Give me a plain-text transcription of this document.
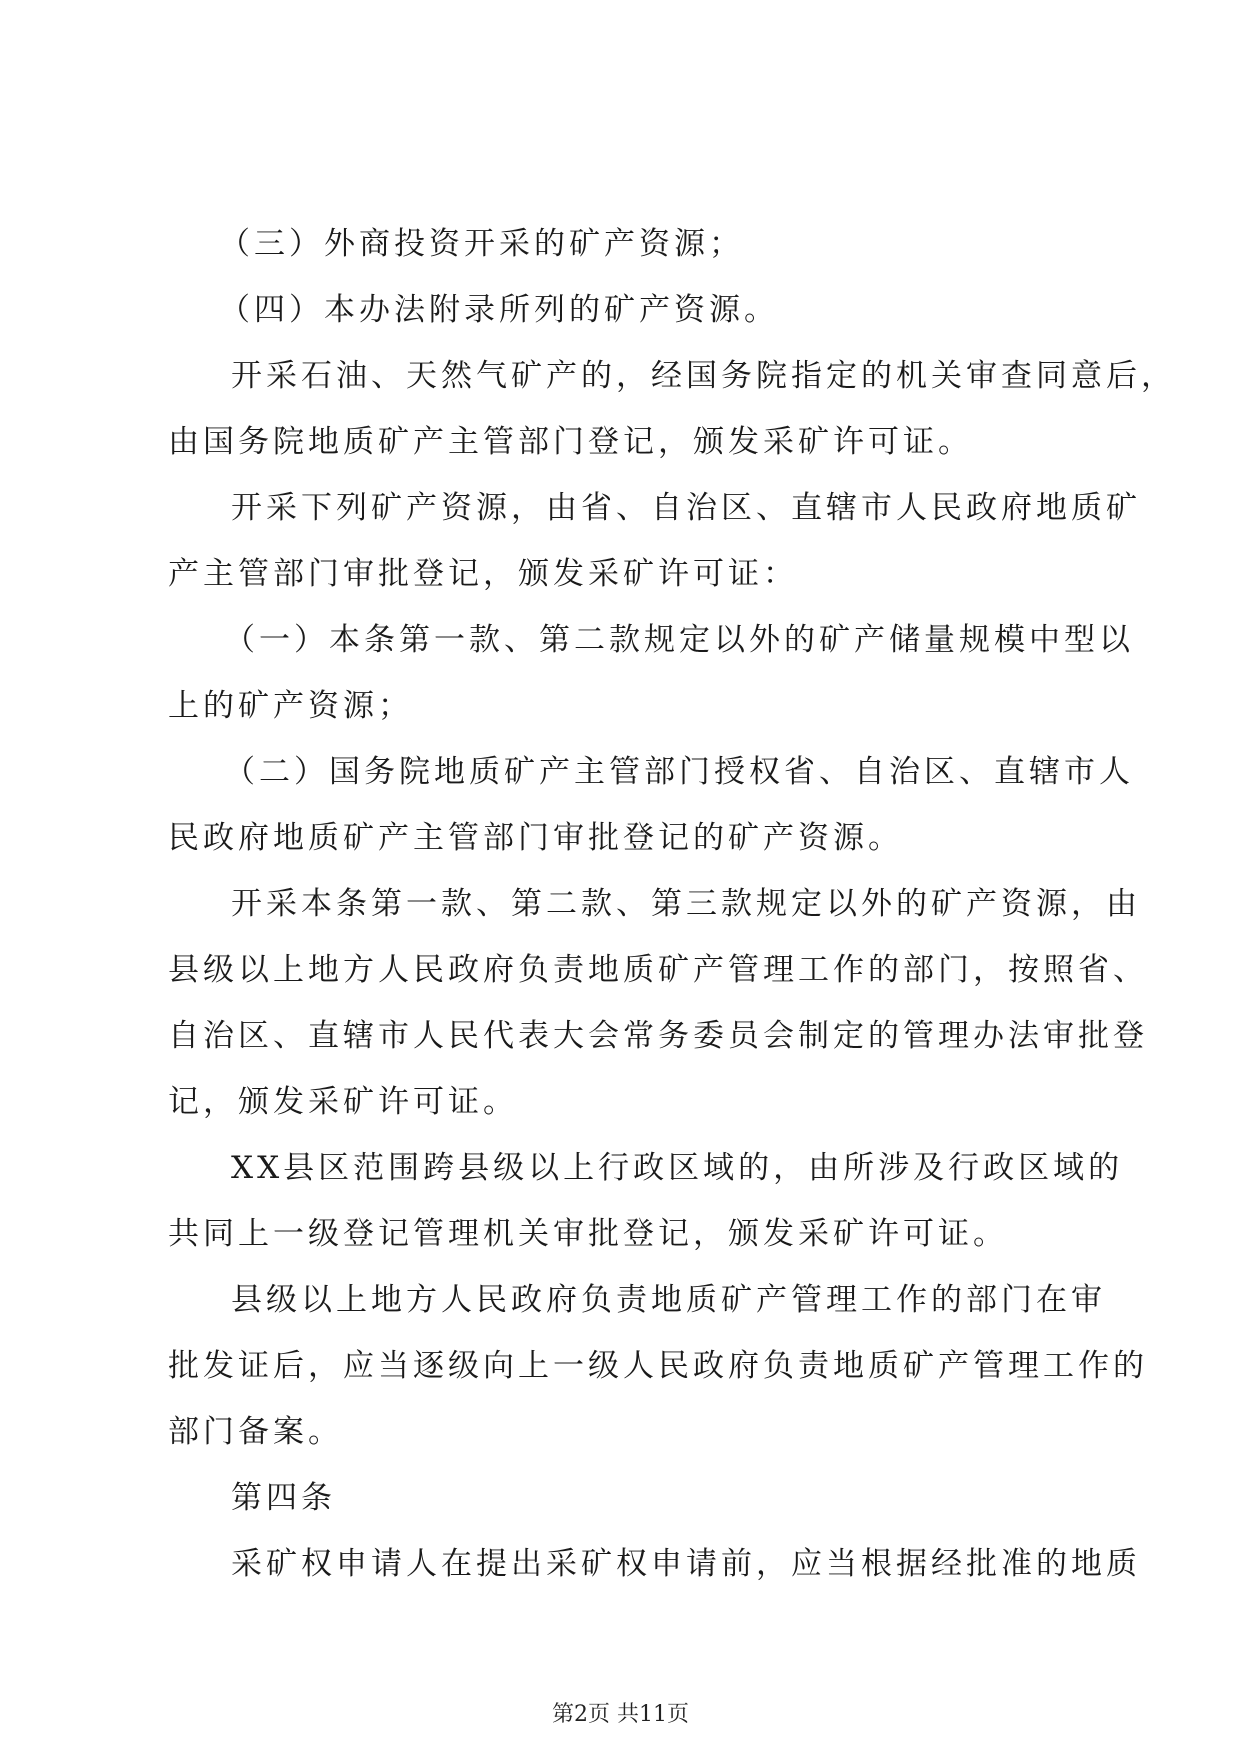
（三）外商投资开采的矿产资源；
（四）本办法附录所列的矿产资源。
开采石油、天然气矿产的，经国务院指定的机关审查同意后，
由国务院地质矿产主管部门登记，颁发采矿许可证。
开采下列矿产资源，由省、自治区、直辖市人民政府地质矿
产主管部门审批登记，颁发采矿许可证：
（一）本条第一款、第二款规定以外的矿产储量规模中型以
上的矿产资源；
（二）国务院地质矿产主管部门授权省、自治区、直辖市人
民政府地质矿产主管部门审批登记的矿产资源。
开采本条第一款、第二款、第三款规定以外的矿产资源，由
县级以上地方人民政府负责地质矿产管理工作的部门，按照省、
自治区、直辖市人民代表大会常务委员会制定的管理办法审批登
记，颁发采矿许可证。
XX县区范围跨县级以上行政区域的，由所涉及行政区域的
共同上一级登记管理机关审批登记，颁发采矿许可证。
县级以上地方人民政府负责地质矿产管理工作的部门在审
批发证后，应当逐级向上一级人民政府负责地质矿产管理工作的
部门备案。
第四条
采矿权申请人在提出采矿权申请前，应当根据经批准的地质
第2页 共11页
